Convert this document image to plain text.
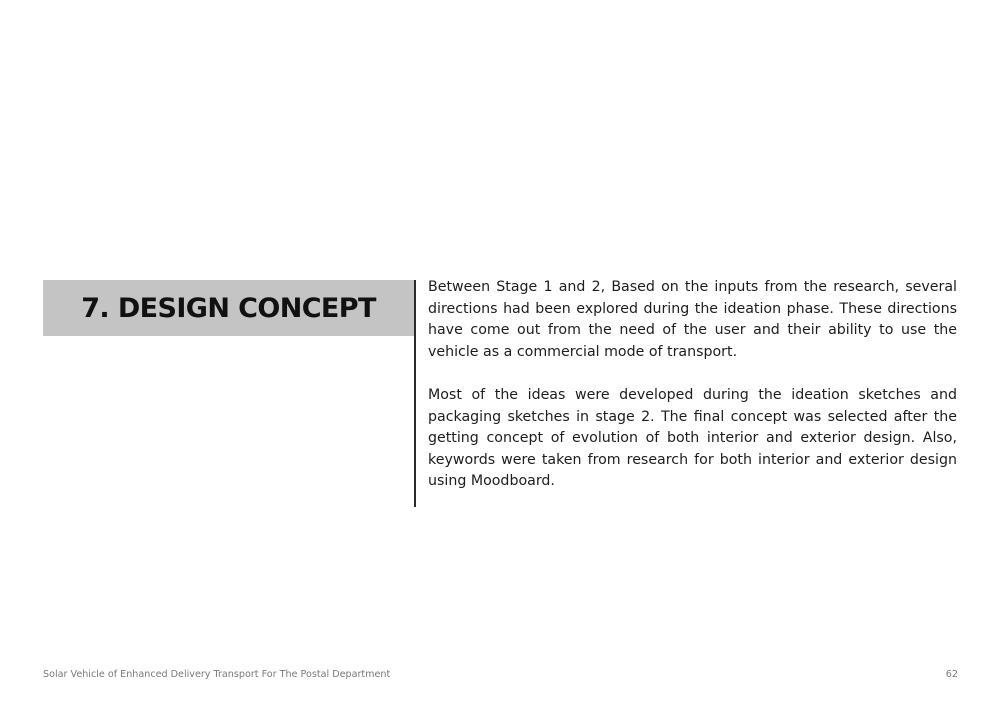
7. DESIGN CONCEPT

Between Stage 1 and 2, Based on the inputs from the research, several directions had been explored during the ideation phase. These directions have come out from the need of the user and their ability to use the vehicle as a commercial mode of transport.

Most of the ideas were developed during the ideation sketches and packaging sketches in stage 2. The final concept was selected after the getting concept of evolution of both interior and exterior design. Also, keywords were taken from research for both interior and exterior design using Moodboard.

Solar Vehicle of Enhanced Delivery Transport For The Postal Department	62
